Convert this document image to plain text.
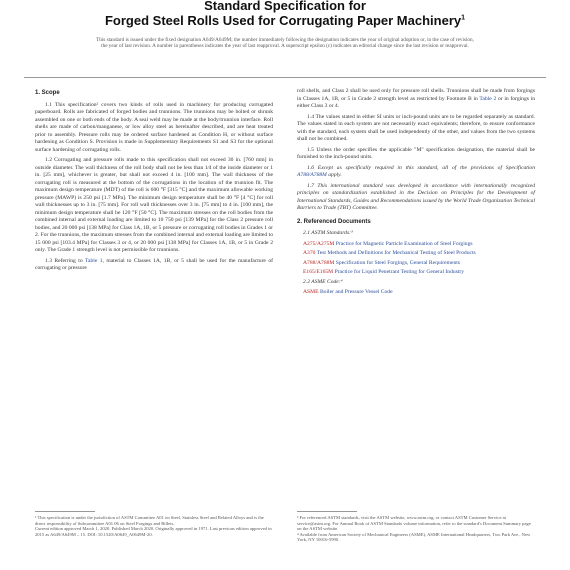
Standard Specification for
Forged Steel Rolls Used for Corrugating Paper Machinery$^1$
This standard is issued under the fixed designation A649/A649M; the number immediately following the designation indicates the year of original adoption or, in the case of revision, the year of last revision. A number in parentheses indicates the year of last reapproval. A superscript epsilon (ε) indicates an editorial change since the last revision or reapproval.

1. Scope

1.1 This specification² covers two kinds of rolls used in machinery for producing corrugated paperboard. Rolls are fabricated of forged bodies and trunnions. The trunnions may be bolted or shrunk assembled on one or both ends of the body. A seal weld may be made at the body/trunnion interface. Roll shells are made of carbon/manganese, or low alloy steel as hereinafter described, and are heat treated prior to assembly. Pressure rolls may be ordered surface hardened as Condition H, or without surface hardening as Condition S. Provision is made in Supplementary Requirements S1 and S3 for the optional surface hardening of corrugating rolls.

1.2 Corrugating and pressure rolls made to this specification shall not exceed 30 in. [760 mm] in outside diameter. The wall thickness of the roll body shall not be less than 1⁄4 of the inside diameter or 1 in. [25 mm], whichever is greater, but shall not exceed 4 in. [100 mm]. The wall thickness of the corrugating roll is measured at the bottom of the corrugations in the location of the trunnion fit. The maximum design temperature (MDT) of the roll is 600 °F [315 °C] and the maximum allowable working pressure (MAWP) is 250 psi [1.7 MPa]. The minimum design temperature shall be 40 °F [4 °C] for roll wall thicknesses up to 3 in. [75 mm]. For roll wall thicknesses over 3 in. [75 mm] to 4 in. [100 mm], the minimum design temperature shall be 120 °F [50 °C]. The maximum stresses on the roll bodies from the combined internal and external loading are limited to 10 750 psi [139 MPa] for the Class 2 pressure roll bodies, and 20 000 psi [138 MPa] for Class 1A, 1B, or 5 pressure or corrugating roll bodies in Grades 1 or 2. For the trunnions, the maximum stresses from the combined internal and external loading are limited to 15 000 psi [103.4 MPa] for Classes 3 or 4, or 20 000 psi [138 MPa] for Classes 1A, 1B, or 5 in Grade 2 only. The Grade 1 strength level is not permissible for trunnions.

1.3 Referring to Table 1, material to Classes 1A, 1B, or 5 shall be used for the manufacture of corrugating or pressure

roll shells, and Class 2 shall be used only for pressure roll shells. Trunnions shall be made from forgings in Classes 1A, 1B, or 5 in Grade 2 strength level as restricted by Footnote B in Table 2 or in forgings in either Class 3 or 4.

1.4 The values stated in either SI units or inch-pound units are to be regarded separately as standard. The values stated in each system are not necessarily exact equivalents; therefore, to ensure conformance with the standard, each system shall be used independently of the other, and values from the two systems shall not be combined.

1.5 Unless the order specifies the applicable "M" specification designation, the material shall be furnished to the inch-pound units.

1.6 Except as specifically required in this standard, all of the provisions of Specification A788/A788M apply.

1.7 This international standard was developed in accordance with internationally recognized principles on standardization established in the Decision on Principles for the Development of International Standards, Guides and Recommendations issued by the World Trade Organization Technical Barriers to Trade (TBT) Committee.

2. Referenced Documents

2.1 ASTM Standards:³

A275/A275M Practice for Magnetic Particle Examination of Steel Forgings
A370 Test Methods and Definitions for Mechanical Testing of Steel Products
A788/A788M Specification for Steel Forgings, General Requirements
E165/E165M Practice for Liquid Penetrant Testing for General Industry

2.2 ASME Code:⁴

ASME Boiler and Pressure Vessel Code
¹ This specification is under the jurisdiction of ASTM Committee A01 on Steel, Stainless Steel and Related Alloys and is the direct responsibility of Subcommittee A01.06 on Steel Forgings and Billets.
Current edition approved March 1, 2020. Published March 2020. Originally approved in 1971. Last previous edition approved in 2015 as A649/A649M – 15. DOI: 10.1520/A0649_A0649M-20.
³ For referenced ASTM standards, visit the ASTM website, www.astm.org, or contact ASTM Customer Service at service@astm.org. For Annual Book of ASTM Standards volume information, refer to the standard's Document Summary page on the ASTM website.
⁴ Available from American Society of Mechanical Engineers (ASME), ASME International Headquarters, Two Park Ave., New York, NY 10016-5990.
